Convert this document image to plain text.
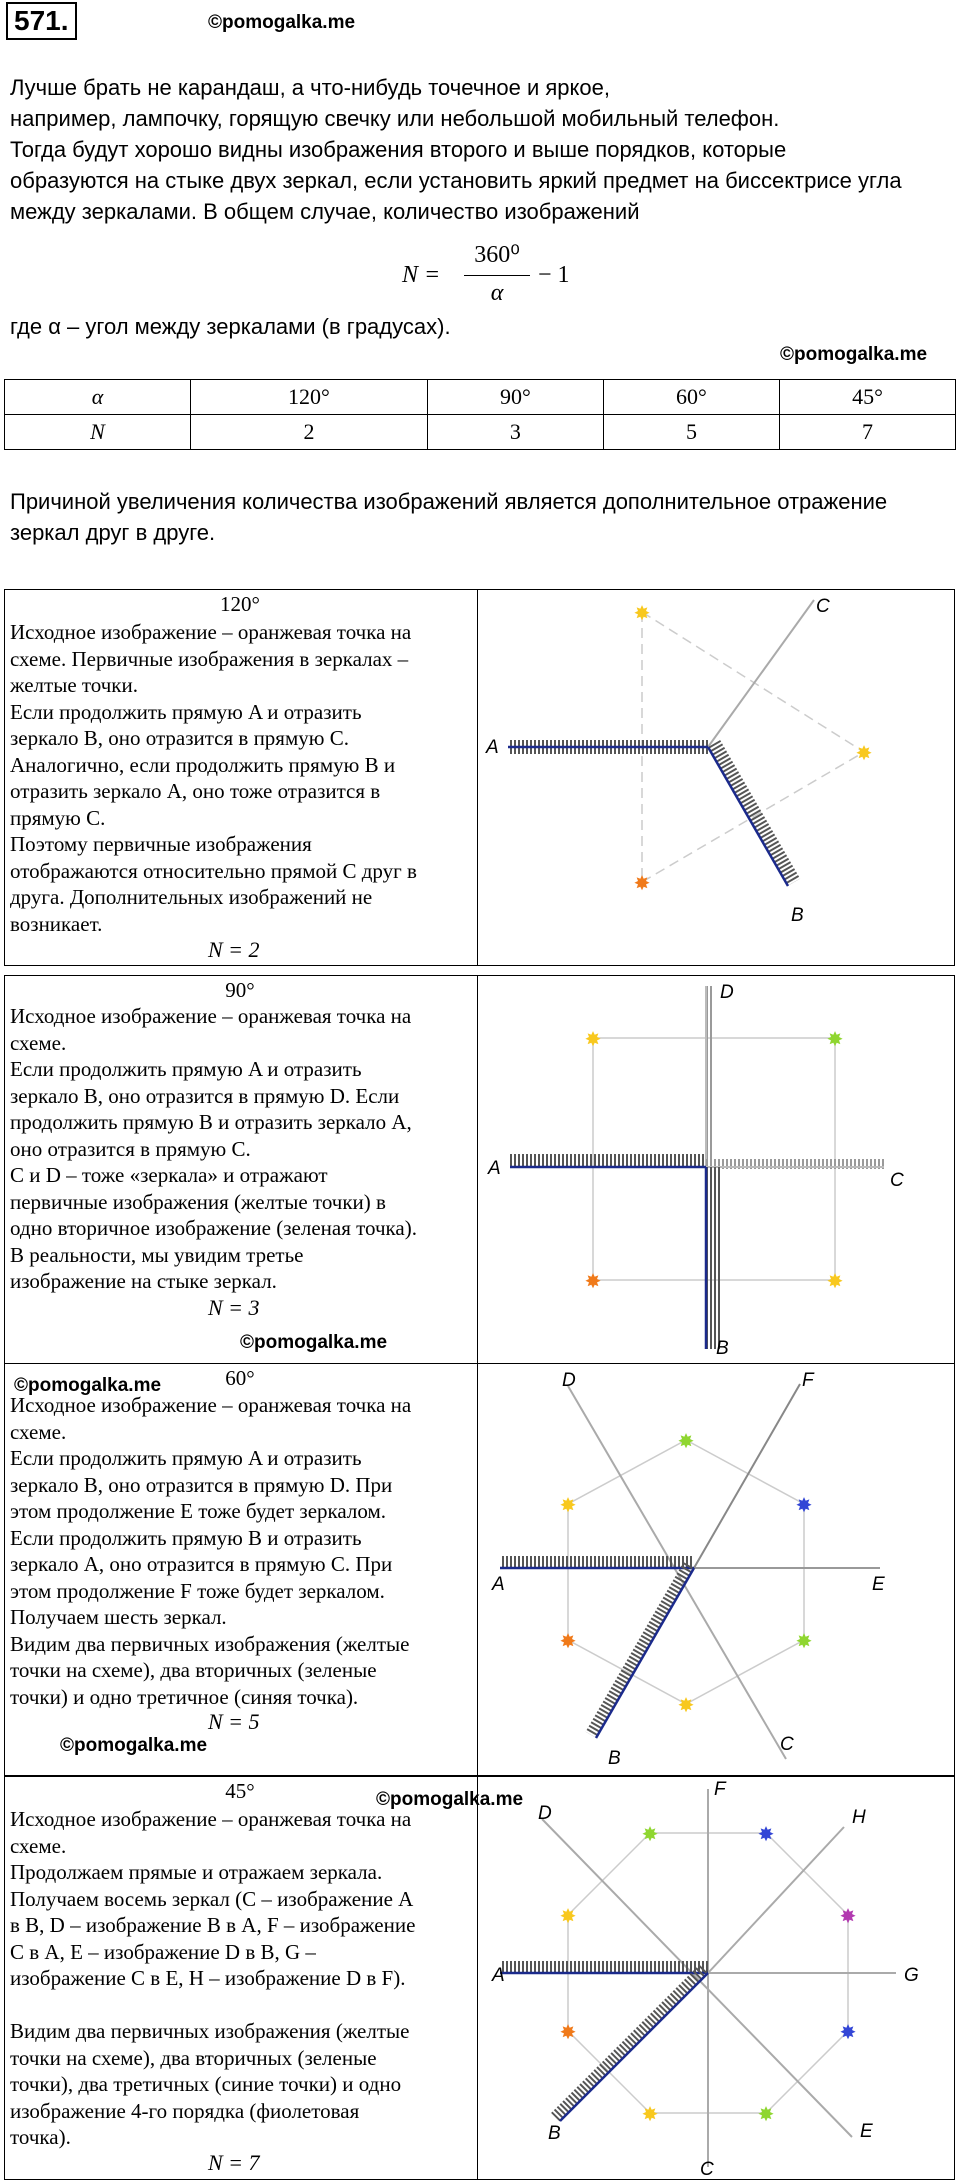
571.	©pomogalka.me
Лучше брать не карандаш, а что-нибудь точечное и яркое,
например, лампочку, горящую свечку или небольшой мобильный телефон.
Тогда будут хорошо видны изображения второго и выше порядков, которые
образуются на стыке двух зеркал, если установить яркий предмет на биссектрисе угла
между зеркалами. В общем случае, количество изображений
N =
360⁰
α
− 1
где α – угол между зеркалами (в градусах).
©pomogalka.me
α	120°	90°	60°	45°
N	2	3	5	7
Причиной увеличения количества изображений является дополнительное отражение
зеркал друг в друге.
120°
Исходное изображение – оранжевая точка на
схеме. Первичные изображения в зеркалах –
желтые точки.
Если продолжить прямую A и отразить
зеркало B, оно отразится в прямую C.
Аналогично, если продолжить прямую B и
отразить зеркало A, оно тоже отразится в
прямую C.
Поэтому первичные изображения
отображаются относительно прямой C друг в
друга. Дополнительных изображений не
возникает.
N = 2
✸
✸
✸
A
B
C
90°
Исходное изображение – оранжевая точка на
схеме.
Если продолжить прямую A и отразить
зеркало B, оно отразится в прямую D. Если
продолжить прямую B и отразить зеркало A,
оно отразится в прямую C.
C и D – тоже «зеркала» и отражают
первичные изображения (желтые точки) в
одно вторичное изображение (зеленая точка).
В реальности, мы увидим третье
изображение на стыке зеркал.
N = 3
©pomogalka.me
✸	✸
✸	✸
A
B
C
D
60°
©pomogalka.me
Исходное изображение – оранжевая точка на
схеме.
Если продолжить прямую A и отразить
зеркало B, оно отразится в прямую D. При
этом продолжение E тоже будет зеркалом.
Если продолжить прямую B и отразить
зеркало A, оно отразится в прямую C. При
этом продолжение F тоже будет зеркалом.
Получаем шесть зеркал.
Видим два первичных изображения (желтые
точки на схеме), два вторичных (зеленые
точки) и одно третичное (синяя точка).
N = 5
©pomogalka.me
✸
✸
✸
✸
✸
✸
A
B
C
D
E
F
45°	©pomogalka.me
Исходное изображение – оранжевая точка на
схеме.
Продолжаем прямые и отражаем зеркала.
Получаем восемь зеркал (C – изображение A
в B, D – изображение B в A, F – изображение
C в A, E – изображение D в B, G –
изображение C в E, H – изображение D в F).
Видим два первичных изображения (желтые
точки на схеме), два вторичных (зеленые
точки), два третичных (синие точки) и одно
изображение 4-го порядка (фиолетовая
точка).
N = 7
✸	✸
✸
✸
✸
✸
✸
✸
A
B
C
D
E
F
G
H
